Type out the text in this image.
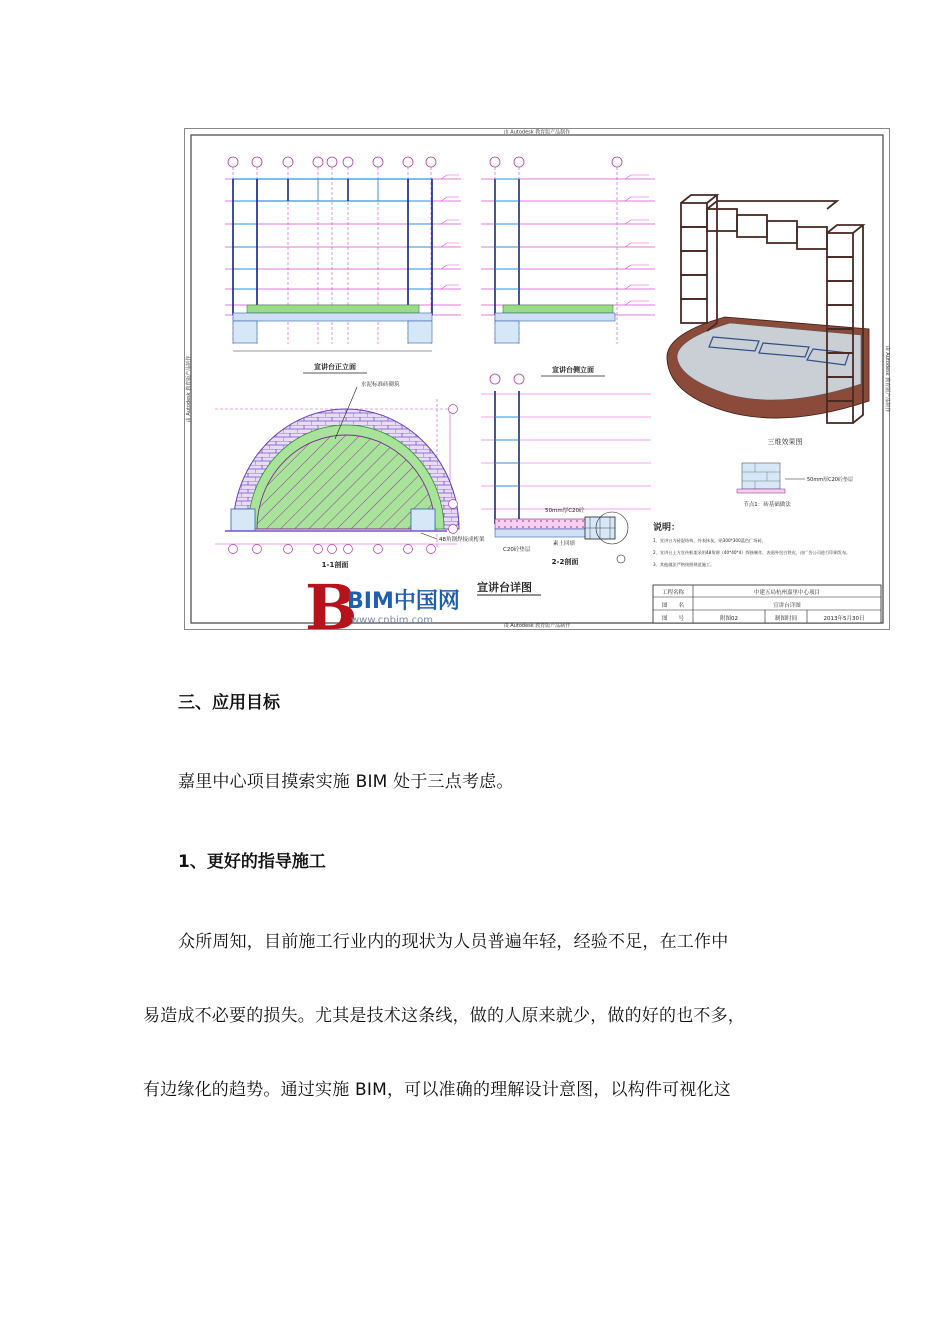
由 Autodesk 教育版产品制作
由 Autodesk 教育版产品制作
由 Autodesk 教育版产品制作	由 Autodesk 教育版产品制作
宣讲台正立面	宣讲台侧立面
水泥标准砖砌筑
48角钢焊接成桁架
1-1剖面
50mm厚C20砼
C20砼垫层
素土回填
2-2剖面
三维效果图
50mm厚C20砼垫层
节点1：砖基础做法
说明：
1、宣讲台为砖混结构，外表抹灰，贴300*300蓝色广场砖。
2、宣讲台上方宣传框架采用48角钢（40*40*4）焊接制作，表面外包白铁皮，由广告公司进行印刷发布。
3、其他做法严格按照规范施工。
工程名称	中建五局杭州嘉里中心项目
图　　名	宣讲台详图
图　　号	附图02	制图时间	2013年5月30日
B
BIM中国网
www.cnbim.com
宣讲台详图
三、应用目标
嘉里中心项目摸索实施 BIM 处于三点考虑。
1、更好的指导施工
众所周知，目前施工行业内的现状为人员普遍年轻，经验不足，在工作中
易造成不必要的损失。尤其是技术这条线，做的人原来就少，做的好的也不多，
有边缘化的趋势。通过实施 BIM，可以准确的理解设计意图，以构件可视化这
